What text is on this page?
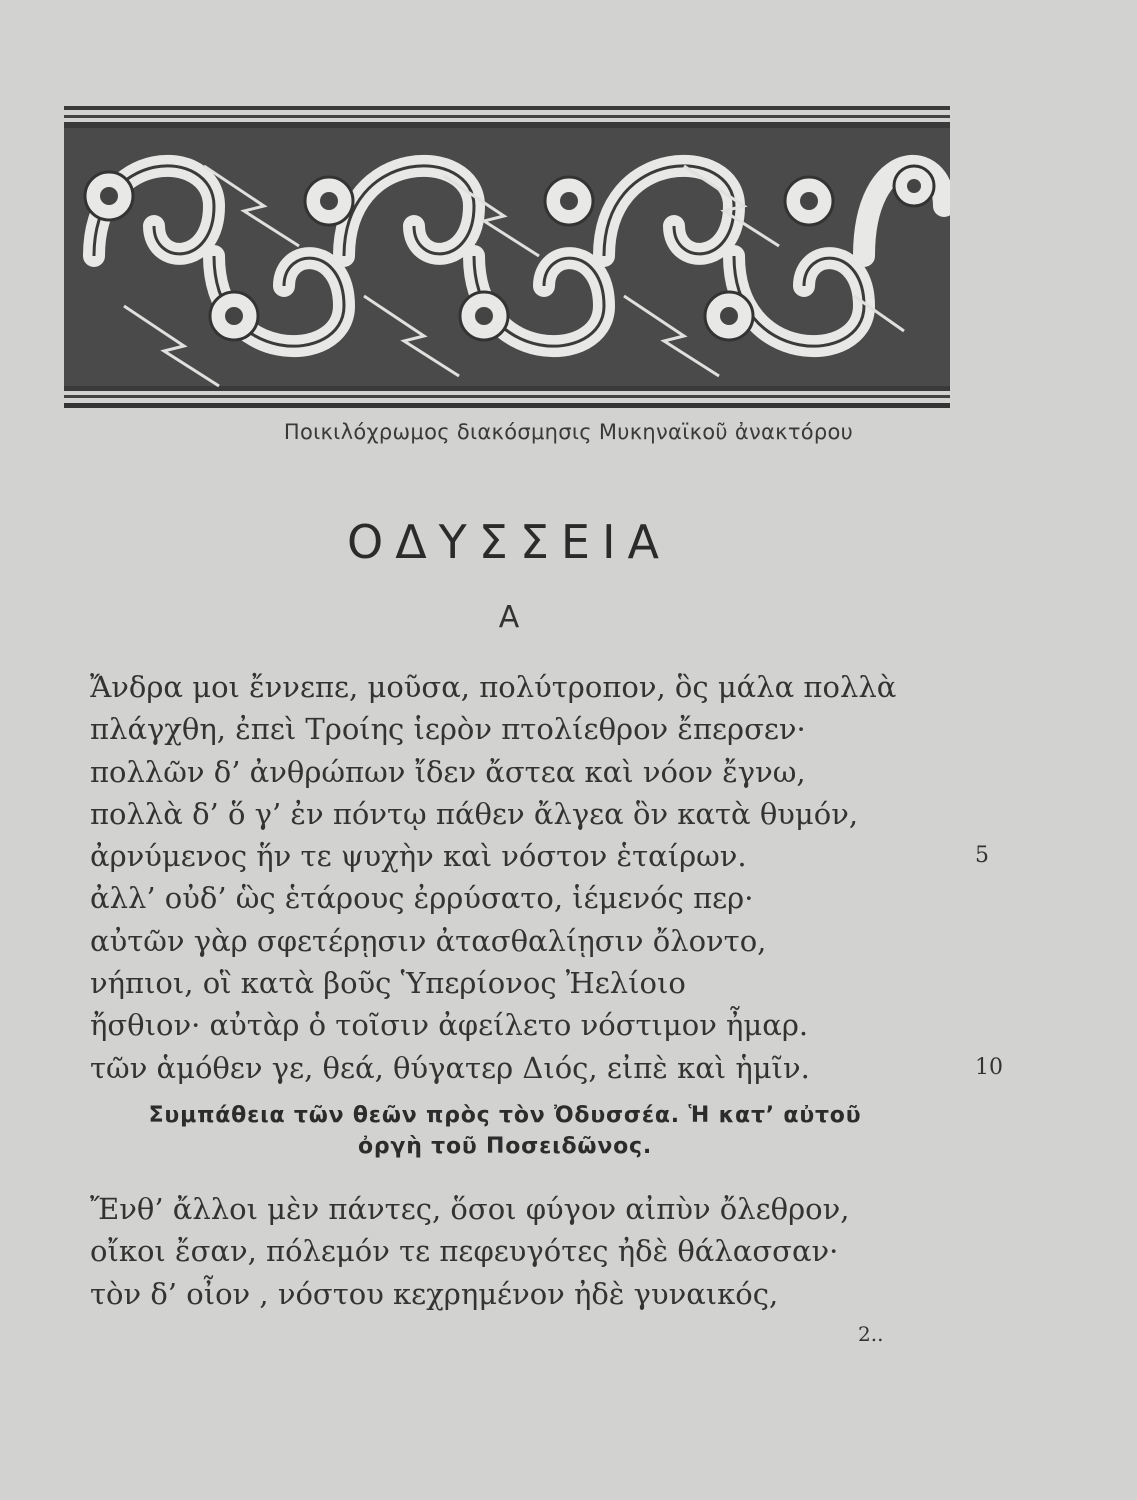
Ποικιλόχρωμος διακόσμησις Μυκηναϊκοῦ ἀνακτόρου
ΟΔΥΣΣΕΙΑ
Α
Ἄνδρα μοι ἔννεπε, μοῦσα, πολύτροπον, ὃς μάλα πολλὰ
πλάγχθη, ἐπεὶ Τροίης ἱερὸν πτολίεθρον ἔπερσεν·
πολλῶν δ’ ἀνθρώπων ἴδεν ἄστεα καὶ νόον ἔγνω,
πολλὰ δ’ ὅ γ’ ἐν πόντῳ πάθεν ἄλγεα ὃν κατὰ θυμόν,
ἀρνύμενος ἥν τε ψυχὴν καὶ νόστον ἑταίρων.	5
ἀλλ’ οὐδ’ ὣς ἑτάρους ἐρρύσατο, ἱέμενός περ·
αὐτῶν γὰρ σφετέρῃσιν ἀτασθαλίῃσιν ὄλοντο,
νήπιοι, οἳ κατὰ βοῦς Ὑπερίονος Ἠελίοιο
ἤσθιον· αὐτὰρ ὁ τοῖσιν ἀφείλετο νόστιμον ἦμαρ.
τῶν ἁμόθεν γε, θεά, θύγατερ Διός, εἰπὲ καὶ ἡμῖν.	10
Συμπάθεια τῶν θεῶν πρὸς τὸν Ὀδυσσέα. Ἡ κατ’ αὐτοῦ
ὀργὴ τοῦ Ποσειδῶνος.
Ἔνθ’ ἄλλοι μὲν πάντες, ὅσοι φύγον αἰπὺν ὄλεθρον,
οἴκοι ἔσαν, πόλεμόν τε πεφευγότες ἠδὲ θάλασσαν·
τὸν δ’ οἶον , νόστου κεχρημένον ἠδὲ γυναικός,
2..
